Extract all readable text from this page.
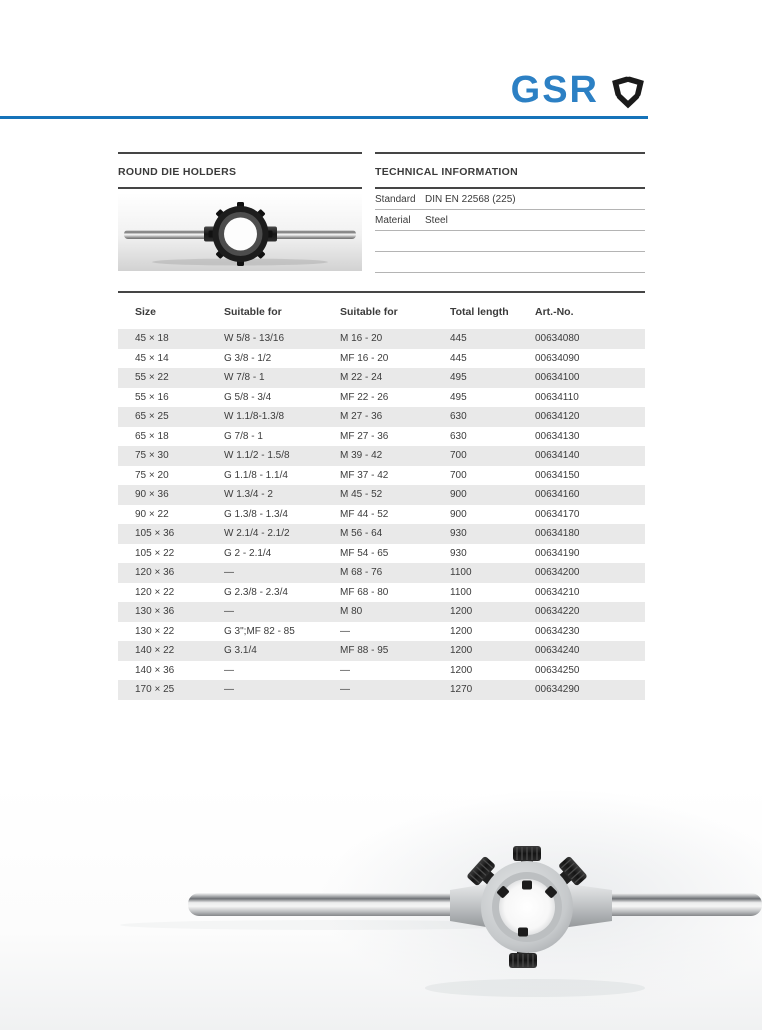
GSR
ROUND DIE HOLDERS	TECHNICAL INFORMATION
Standard DIN EN 22568 (225)
Material	Steel
Size	Suitable for	Suitable for	Total length	Art.-No.
45 × 18	W 5/8 - 13/16	M 16 - 20	445	00634080
45 × 14	G 3/8 - 1/2	MF 16 - 20	445	00634090
55 × 22	W 7/8 - 1	M 22 - 24	495	00634100
55 × 16	G 5/8 - 3/4	MF 22 - 26	495	00634110
65 × 25	W 1.1/8-1.3/8	M 27 - 36	630	00634120
65 × 18	G 7/8 - 1	MF 27 - 36	630	00634130
75 × 30	W 1.1/2 - 1.5/8	M 39 - 42	700	00634140
75 × 20	G 1.1/8 - 1.1/4	MF 37 - 42	700	00634150
90 × 36	W 1.3/4 - 2	M 45 - 52	900	00634160
90 × 22	G 1.3/8 - 1.3/4	MF 44 - 52	900	00634170
105 × 36	W 2.1/4 - 2.1/2	M 56 - 64	930	00634180
105 × 22	G 2 - 2.1/4	MF 54 - 65	930	00634190
120 × 36	—	M 68 - 76	1100	00634200
120 × 22	G 2.3/8 - 2.3/4	MF 68 - 80	1100	00634210
130 × 36	—	M 80	1200	00634220
130 × 22	G 3";MF 82 - 85	—	1200	00634230
140 × 22	G 3.1/4	MF 88 - 95	1200	00634240
140 × 36	—	—	1200	00634250
170 × 25	—	—	1270	00634290
